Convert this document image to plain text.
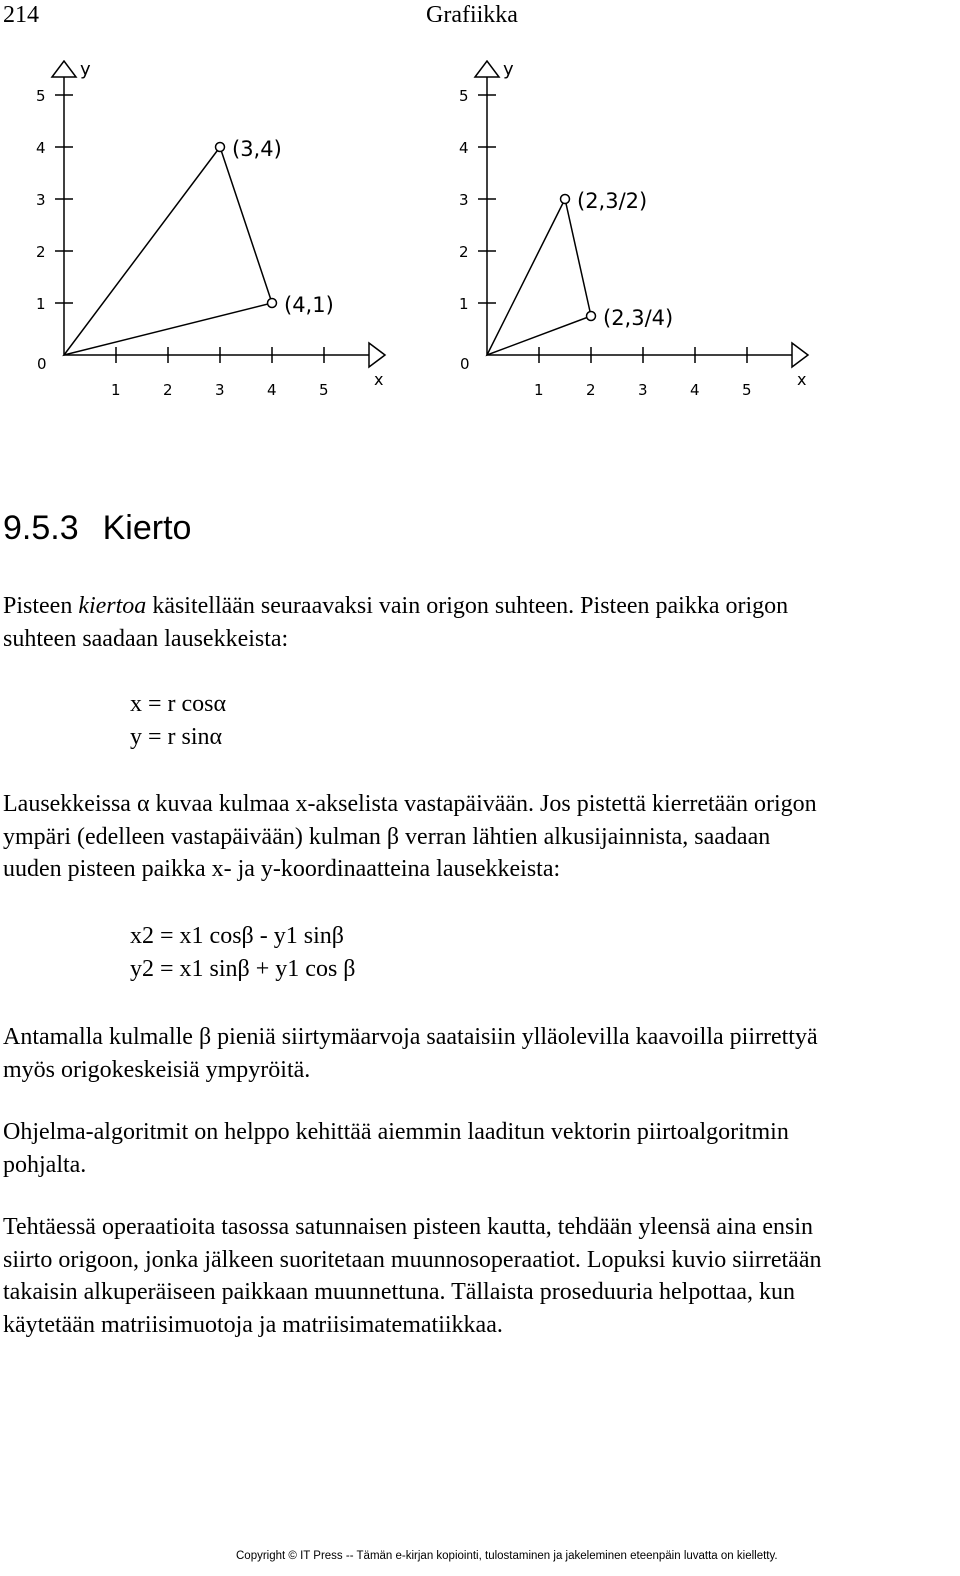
214	Grafiikka
x
y
0
1	2	3	4	5
1
2
3
4
5
(3,4)
(4,1)
x
y
0
1	2	3	4	5
1
2
3
4
5
(2,3/2)
(2,3/4)
9.5.3 Kierto

Pisteen kiertoa käsitellään seuraavaksi vain origon suhteen. Pisteen paikka origon

suhteen saadaan lausekkeista:

x = r cosα
y = r sinα

Lausekkeissa α kuvaa kulmaa x-akselista vastapäivään. Jos pistettä kierretään origon

ympäri (edelleen vastapäivään) kulman β verran lähtien alkusijainnista, saadaan

uuden pisteen paikka x- ja y-koordinaatteina lausekkeista:

x2 = x1 cosβ - y1 sinβ
y2 = x1 sinβ + y1 cos β

Antamalla kulmalle β pieniä siirtymäarvoja saataisiin ylläolevilla kaavoilla piirrettyä

myös origokeskeisiä ympyröitä.

Ohjelma-algoritmit on helppo kehittää aiemmin laaditun vektorin piirtoalgoritmin

pohjalta.

Tehtäessä operaatioita tasossa satunnaisen pisteen kautta, tehdään yleensä aina ensin

siirto origoon, jonka jälkeen suoritetaan muunnosoperaatiot. Lopuksi kuvio siirretään

takaisin alkuperäiseen paikkaan muunnettuna. Tällaista proseduuria helpottaa, kun

käytetään matriisimuotoja ja matriisimatematiikkaa.

Copyright © IT Press -- Tämän e-kirjan kopiointi, tulostaminen ja jakeleminen eteenpäin luvatta on kielletty.
